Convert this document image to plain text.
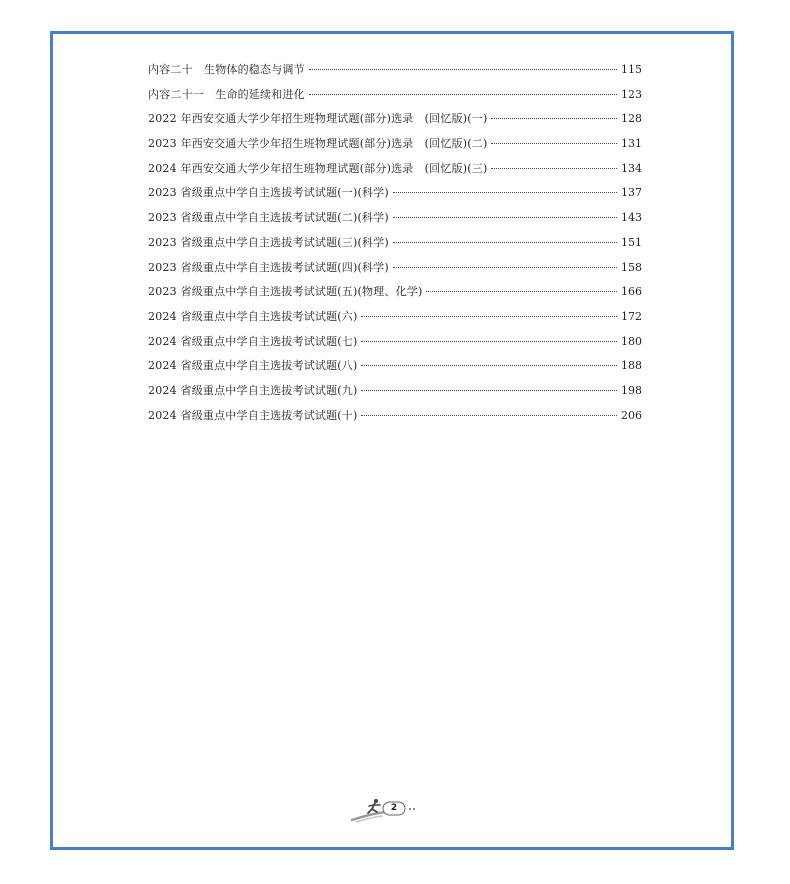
内容二十　生物体的稳态与调节	115
内容二十一　生命的延续和进化	123
2022 年西安交通大学少年招生班物理试题(部分)选录　(回忆版)(一)	128
2023 年西安交通大学少年招生班物理试题(部分)选录　(回忆版)(二)	131
2024 年西安交通大学少年招生班物理试题(部分)选录　(回忆版)(三)	134
2023 省级重点中学自主选拔考试试题(一)(科学)	137
2023 省级重点中学自主选拔考试试题(二)(科学)	143
2023 省级重点中学自主选拔考试试题(三)(科学)	151
2023 省级重点中学自主选拔考试试题(四)(科学)	158
2023 省级重点中学自主选拔考试试题(五)(物理、化学)	166
2024 省级重点中学自主选拔考试试题(六)	172
2024 省级重点中学自主选拔考试试题(七)	180
2024 省级重点中学自主选拔考试试题(八)	188
2024 省级重点中学自主选拔考试试题(九)	198
2024 省级重点中学自主选拔考试试题(十)	206
2
